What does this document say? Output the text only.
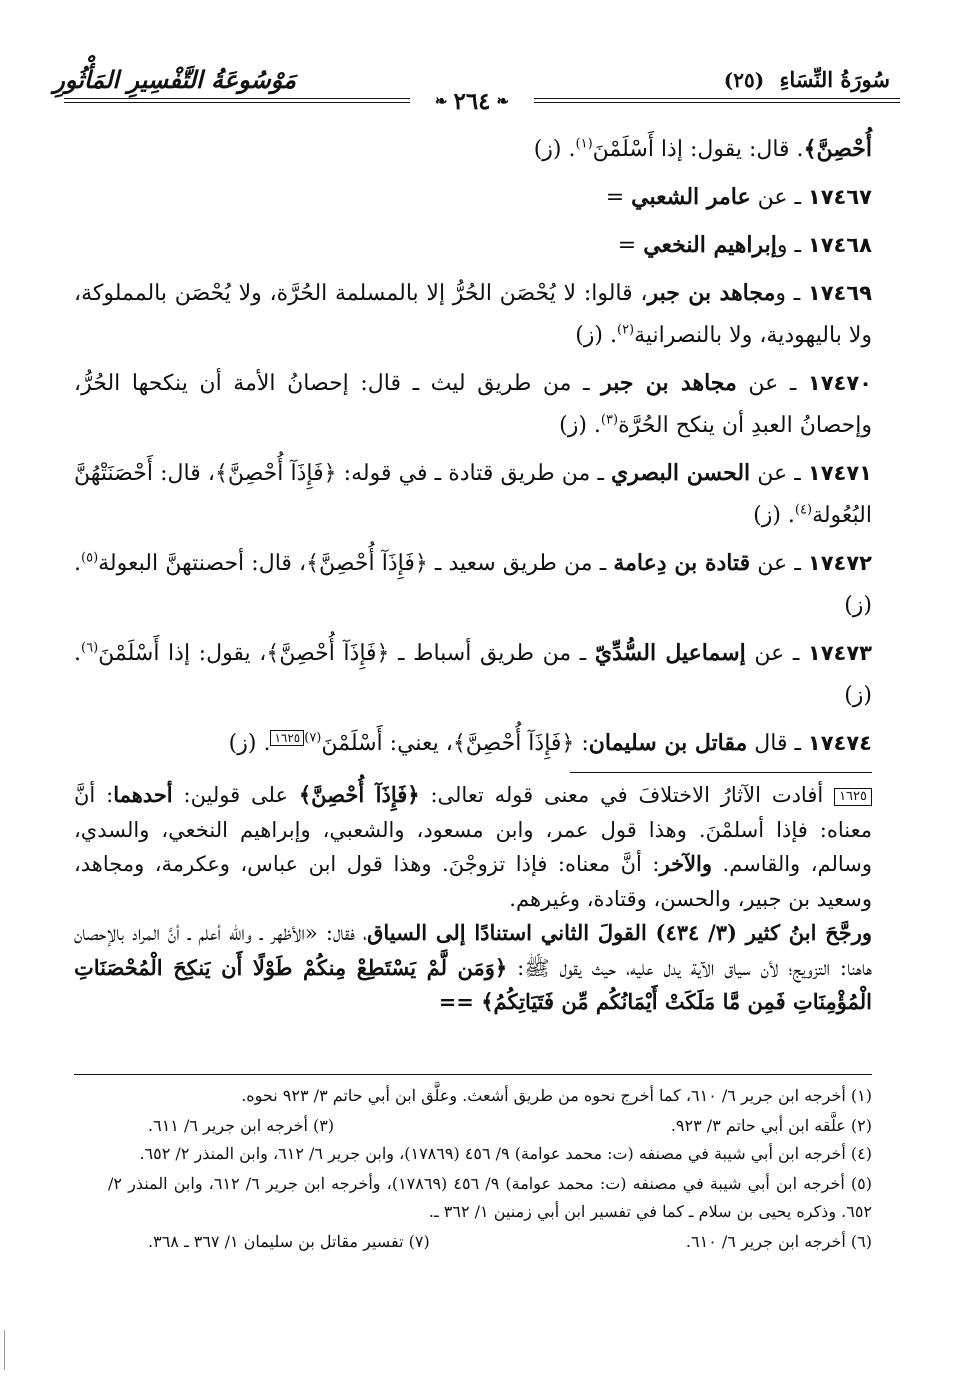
مَوْسُوعَةُ التَّفْسِيرِ المَأْثُورِ	سُورَةُ النِّسَاءِ (٢٥)
❧ ٢٦٤ ❧

أُحْصِنَّ﴾. قال: يقول: إذا أَسْلَمْنَ$^{(١)}$. (ز)

١٧٤٦٧ ـ عن عامر الشعبي =

١٧٤٦٨ ـ وإبراهيم النخعي =

١٧٤٦٩ ـ ومجاهد بن جبر، قالوا: لا يُحْصَن الحُرُّ إلا بالمسلمة الحُرَّة، ولا يُحْصَن بالمملوكة، ولا باليهودية، ولا بالنصرانية$^{(٢)}$. (ز)

١٧٤٧٠ ـ عن مجاهد بن جبر ـ من طريق ليث ـ قال: إحصانُ الأمة أن ينكحها الحُرُّ، وإحصانُ العبدِ أن ينكح الحُرَّة$^{(٣)}$. (ز)

١٧٤٧١ ـ عن الحسن البصري ـ من طريق قتادة ـ في قوله: ﴿فَإِذَآ أُحْصِنَّ﴾، قال: أَحْصَنَتْهُنَّ البُعُولة$^{(٤)}$. (ز)

١٧٤٧٢ ـ عن قتادة بن دِعامة ـ من طريق سعيد ـ ﴿فَإِذَآ أُحْصِنَّ﴾، قال: أحصنتهنَّ البعولة$^{(٥)}$. (ز)

١٧٤٧٣ ـ عن إسماعيل السُّدِّيّ ـ من طريق أسباط ـ ﴿فَإِذَآ أُحْصِنَّ﴾، يقول: إذا أَسْلَمْنَ$^{(٦)}$. (ز)

١٧٤٧٤ ـ قال مقاتل بن سليمان: ﴿فَإِذَآ أُحْصِنَّ﴾، يعني: أَسْلَمْنَ$^{(٧)}$١٦٢٥. (ز)

١٦٢٥ أفادت الآثارُ الاختلافَ في معنى قوله تعالى: ﴿فَإِذَآ أُحْصِنَّ﴾ على قولين: أحدهما: أنَّ معناه: فإذا أسلمْنَ. وهذا قول عمر، وابن مسعود، والشعبي، وإبراهيم النخعي، والسدي، وسالم، والقاسم. والآخر: أنَّ معناه: فإذا تزوجْنَ. وهذا قول ابن عباس، وعكرمة، ومجاهد، وسعيد بن جبير، والحسن، وقتادة، وغيرهم.

ورجَّحَ ابنُ كثير (٣/ ٤٣٤) القولَ الثاني استنادًا إلى السياق، فقال: «الأظهر ـ والله أعلم ـ أنَّ المراد بالإحصان هاهنا: التزويج؛ لأن سياق الآية يدل عليه، حيث يقول ﷺ: ﴿وَمَن لَّمْ يَسْتَطِعْ مِنكُمْ طَوْلًا أَن يَنكِحَ الْمُحْصَنَاتِ الْمُؤْمِنَاتِ فَمِن مَّا مَلَكَتْ أَيْمَانُكُم مِّن فَتَيَاتِكُمُ﴾ ==

(١) أخرجه ابن جرير ٦/ ٦١٠، كما أخرج نحوه من طريق أشعث. وعلَّق ابن أبي حاتم ٣/ ٩٢٣ نحوه.

(٢) علَّقه ابن أبي حاتم ٣/ ٩٢٣.
(٣) أخرجه ابن جرير ٦/ ٦١١.

(٤) أخرجه ابن أبي شيبة في مصنفه (ت: محمد عوامة) ٩/ ٤٥٦ (١٧٨٦٩)، وابن جرير ٦/ ٦١٢، وابن المنذر ٢/ ٦٥٢.

(٥) أخرجه ابن أبي شيبة في مصنفه (ت: محمد عوامة) ٩/ ٤٥٦ (١٧٨٦٩)، وأخرجه ابن جرير ٦/ ٦١٢، وابن المنذر ٢/ ٦٥٢. وذكره يحيى بن سلام ـ كما في تفسير ابن أبي زمنين ١/ ٣٦٢ ـ.

(٦) أخرجه ابن جرير ٦/ ٦١٠.
(٧) تفسير مقاتل بن سليمان ١/ ٣٦٧ ـ ٣٦٨.
